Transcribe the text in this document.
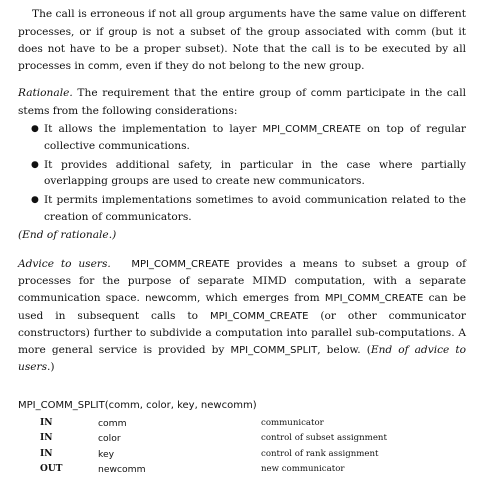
The call is erroneous if not all group arguments have the same value on different processes, or if group is not a subset of the group associated with comm (but it does not have to be a proper subset). Note that the call is to be executed by all processes in comm, even if they do not belong to the new group.

Rationale. The requirement that the entire group of comm participate in the call stems from the following considerations:

● It allows the implementation to layer MPI_COMM_CREATE on top of regular collective communications.
● It provides additional safety, in particular in the case where partially overlapping groups are used to create new communicators.
● It permits implementations sometimes to avoid communication related to the creation of communicators.

(End of rationale.)

Advice to users. MPI_COMM_CREATE provides a means to subset a group of processes for the purpose of separate MIMD computation, with a separate communication space. newcomm, which emerges from MPI_COMM_CREATE can be used in subsequent calls to MPI_COMM_CREATE (or other communicator constructors) further to subdivide a computation into parallel sub-computations. A more general service is provided by MPI_COMM_SPLIT, below. (End of advice to users.)

MPI_COMM_SPLIT(comm, color, key, newcomm)
IN	comm	communicator
IN	color	control of subset assignment
IN	key	control of rank assignment
OUT	newcomm	new communicator
